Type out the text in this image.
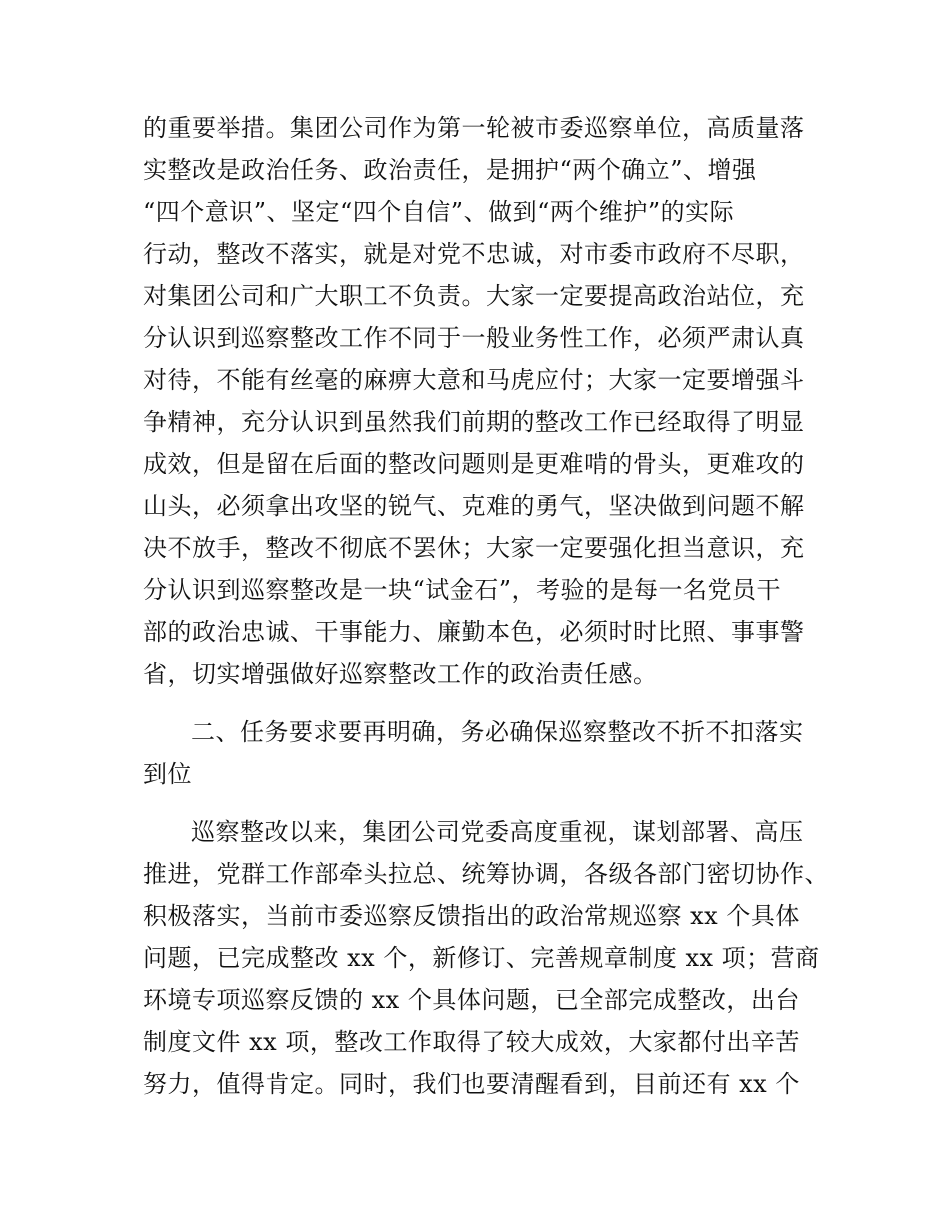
的重要举措。集团公司作为第一轮被市委巡察单位，高质量落
实整改是政治任务、政治责任，是拥护“两个确立”、增强
“四个意识”、坚定“四个自信”、做到“两个维护”的实际
行动，整改不落实，就是对党不忠诚，对市委市政府不尽职，
对集团公司和广大职工不负责。大家一定要提高政治站位，充
分认识到巡察整改工作不同于一般业务性工作，必须严肃认真
对待，不能有丝毫的麻痹大意和马虎应付；大家一定要增强斗
争精神，充分认识到虽然我们前期的整改工作已经取得了明显
成效，但是留在后面的整改问题则是更难啃的骨头，更难攻的
山头，必须拿出攻坚的锐气、克难的勇气，坚决做到问题不解
决不放手，整改不彻底不罢休；大家一定要强化担当意识，充
分认识到巡察整改是一块“试金石”，考验的是每一名党员干
部的政治忠诚、干事能力、廉勤本色，必须时时比照、事事警
省，切实增强做好巡察整改工作的政治责任感。
二、任务要求要再明确，务必确保巡察整改不折不扣落实
到位
巡察整改以来，集团公司党委高度重视，谋划部署、高压
推进，党群工作部牵头拉总、统筹协调，各级各部门密切协作、
积极落实，当前市委巡察反馈指出的政治常规巡察 xx 个具体
问题，已完成整改 xx 个，新修订、完善规章制度 xx 项；营商
环境专项巡察反馈的 xx 个具体问题，已全部完成整改，出台
制度文件 xx 项，整改工作取得了较大成效，大家都付出辛苦
努力，值得肯定。同时，我们也要清醒看到，目前还有 xx 个
